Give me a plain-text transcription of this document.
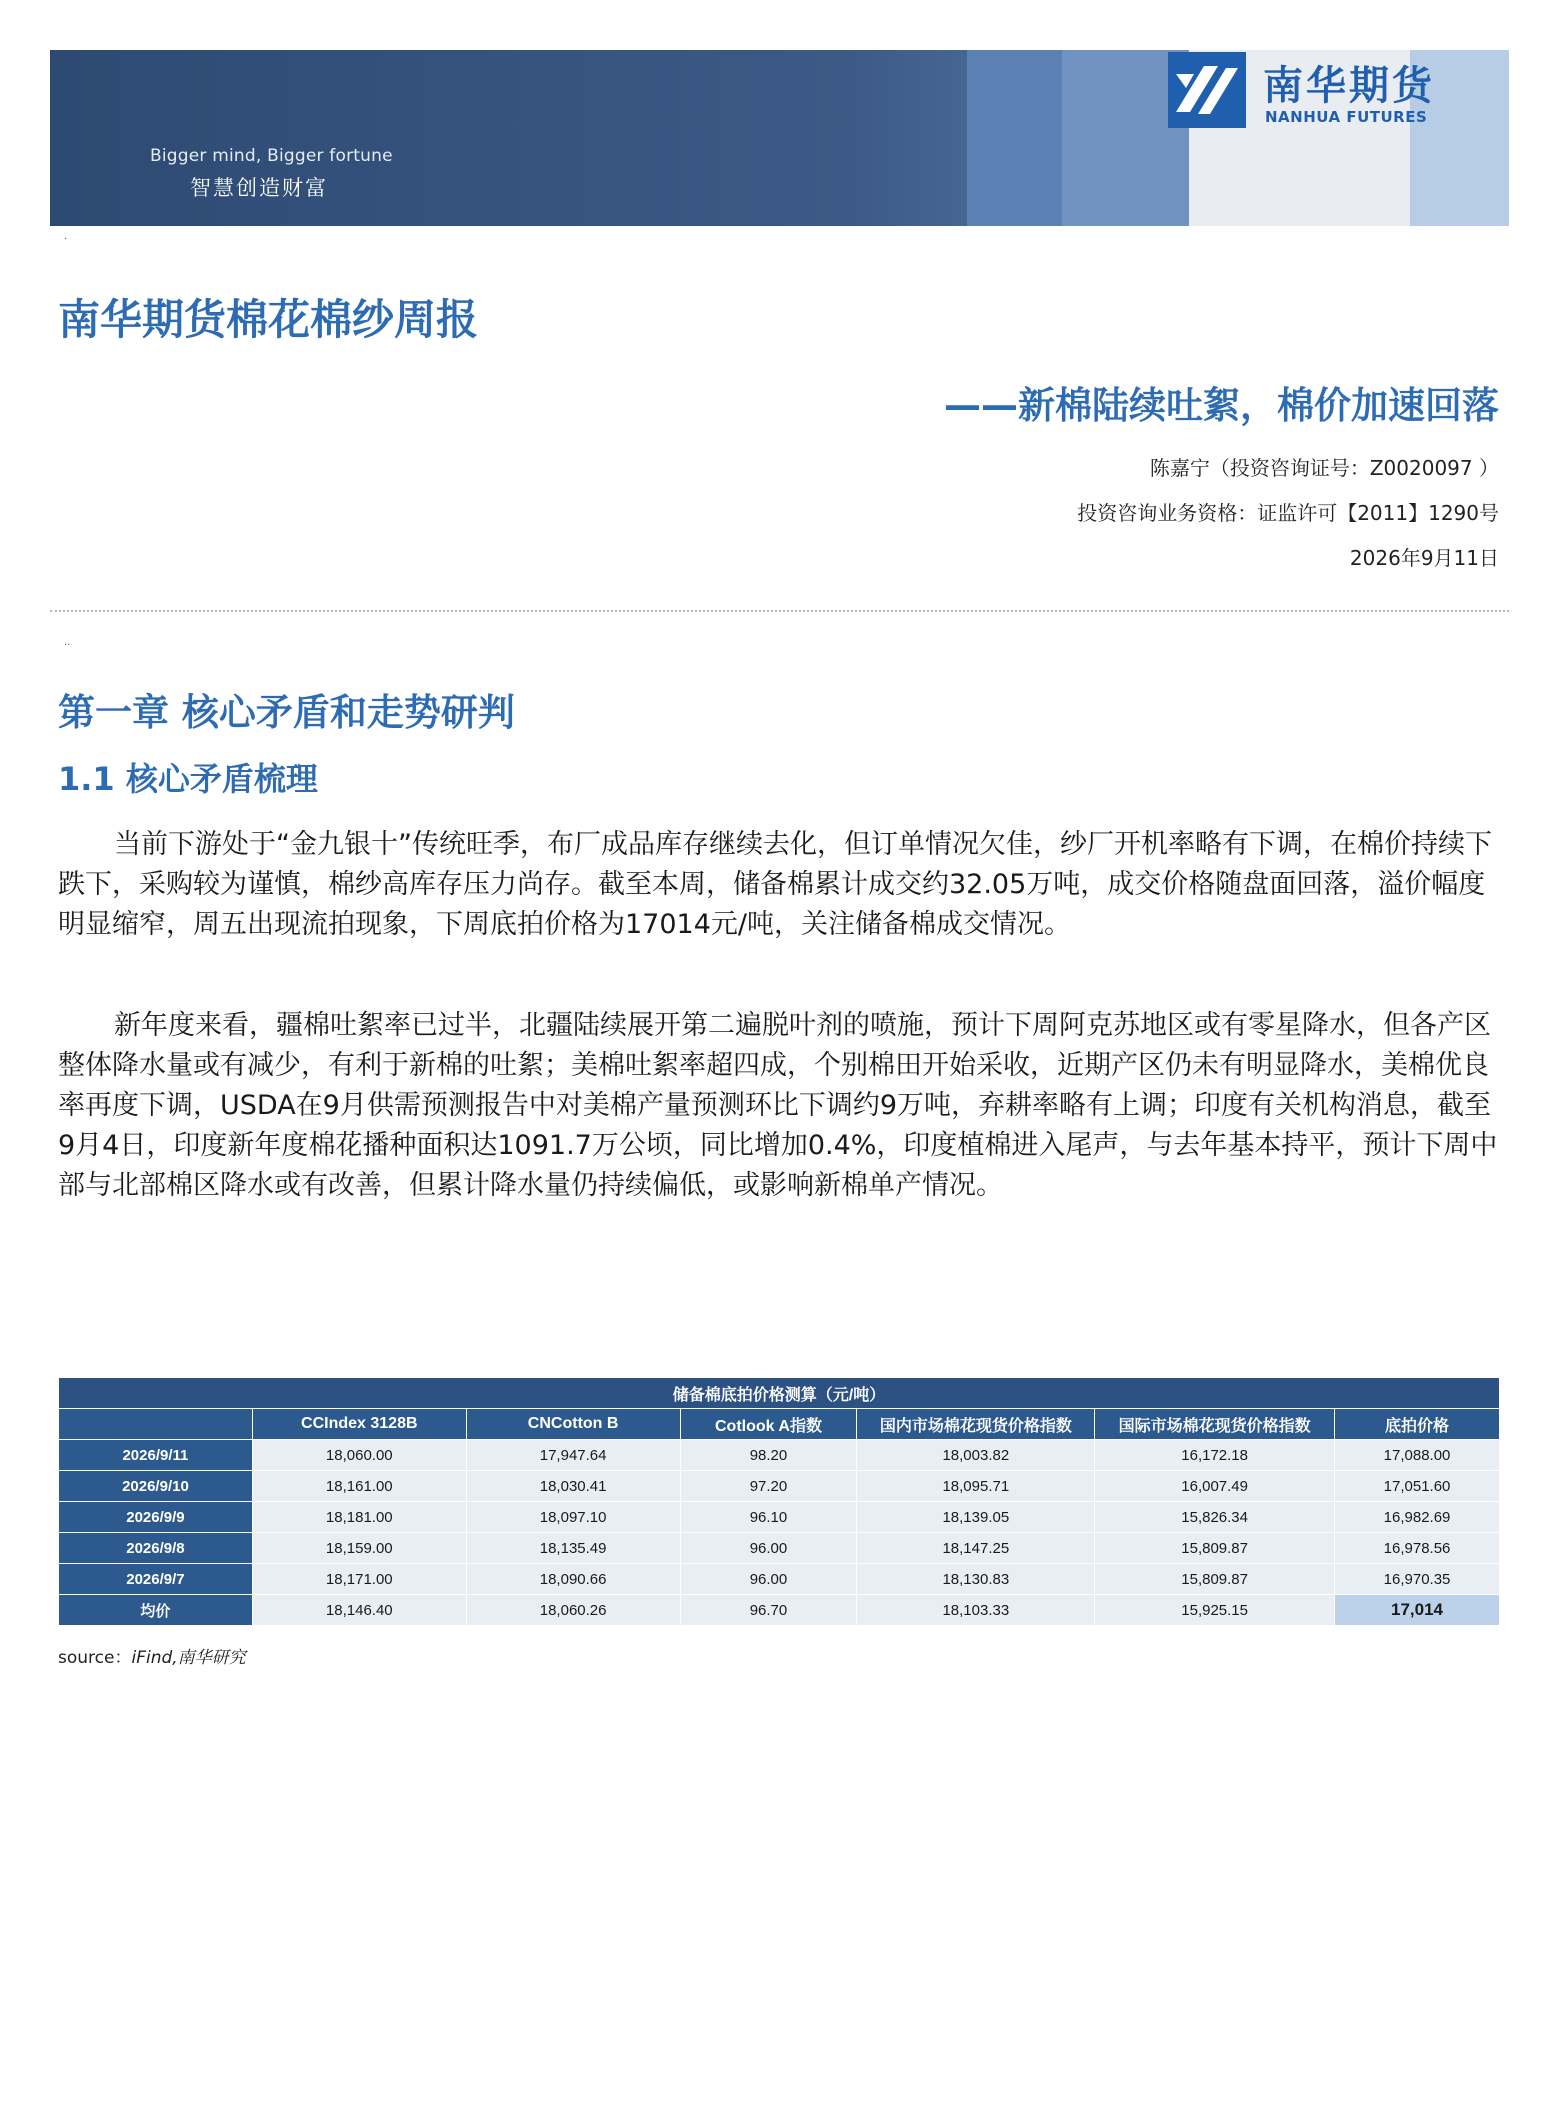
Bigger mind, Bigger fortune
智慧创造财富
南华期货
NANHUA FUTURES
·
南华期货棉花棉纱周报
——新棉陆续吐絮，棉价加速回落
陈嘉宁（投资咨询证号：Z0020097 ）
投资咨询业务资格：证监许可【2011】1290号
2026年9月11日
··
第一章 核心矛盾和走势研判
1.1 核心矛盾梳理

当前下游处于“金九银十”传统旺季，布厂成品库存继续去化，但订单情况欠佳，纱厂开机率略有下调，在棉价持续下跌下，采购较为谨慎，棉纱高库存压力尚存。截至本周，储备棉累计成交约32.05万吨，成交价格随盘面回落，溢价幅度明显缩窄，周五出现流拍现象，下周底拍价格为17014元/吨，关注储备棉成交情况。

新年度来看，疆棉吐絮率已过半，北疆陆续展开第二遍脱叶剂的喷施，预计下周阿克苏地区或有零星降水，但各产区整体降水量或有减少，有利于新棉的吐絮；美棉吐絮率超四成，个别棉田开始采收，近期产区仍未有明显降水，美棉优良率再度下调，USDA在9月供需预测报告中对美棉产量预测环比下调约9万吨，弃耕率略有上调；印度有关机构消息，截至9月4日，印度新年度棉花播种面积达1091.7万公顷，同比增加0.4%，印度植棉进入尾声，与去年基本持平，预计下周中部与北部棉区降水或有改善，但累计降水量仍持续偏低，或影响新棉单产情况。

储备棉底拍价格测算（元/吨）						
	CCIndex 3128B	CNCotton B	Cotlook A指数	国内市场棉花现货价格指数	国际市场棉花现货价格指数	底拍价格
2026/9/11	18,060.00	17,947.64	98.20	18,003.82	16,172.18	17,088.00
2026/9/10	18,161.00	18,030.41	97.20	18,095.71	16,007.49	17,051.60
2026/9/9	18,181.00	18,097.10	96.10	18,139.05	15,826.34	16,982.69
2026/9/8	18,159.00	18,135.49	96.00	18,147.25	15,809.87	16,978.56
2026/9/7	18,171.00	18,090.66	96.00	18,130.83	15,809.87	16,970.35
均价	18,146.40	18,060.26	96.70	18,103.33	15,925.15	17,014
source：iFind,南华研究
